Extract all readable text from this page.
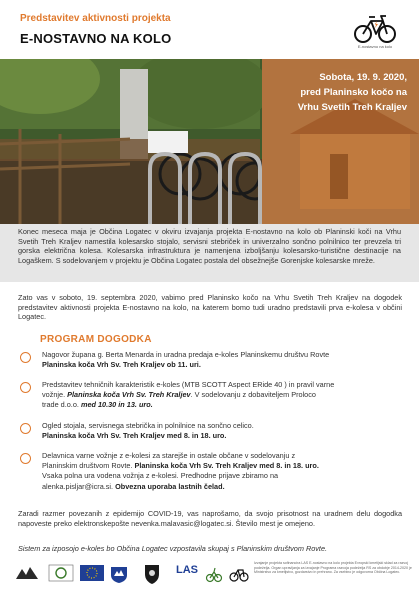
Predstavitev aktivnosti projekta
E-NOSTAVNO NA KOLO
E-nostavno na kolo
Sobota, 19. 9. 2020,
pred Planinsko kočo na
Vrhu Svetih Treh Kraljev

Konec meseca maja je Občina Logatec v okviru izvajanja projekta E-nostavno na kolo ob Planinski koči na Vrhu Svetih Treh Kraljev namestila kolesarsko stojalo, servisni stebriček in univerzalno sončno polnilnico ter prevzela tri gorska električna kolesa. Kolesarska infrastruktura je namenjena izboljšanju kolesarsko-turistične destinacije na Logaškem. S sodelovanjem v projektu je Občina Logatec postala del obsežnejše Gorenjske kolesarske mreže.

Zato vas v soboto, 19. septembra 2020, vabimo pred Planinsko kočo na Vrhu Svetih Treh Kraljev na dogodek predstavitev aktivnosti projekta E-nostavno na kolo, na katerem bomo tudi uradno predstavili prva e-kolesa v občini Logatec.
PROGRAM DOGODKA
Nagovor župana g. Berta Menarda in uradna predaja e-koles Planinskemu društvu Rovte
Planinska koča Vrh Sv. Treh Kraljev ob 11. uri.
Predstavitev tehničnih karakteristik e-koles (MTB SCOTT Aspect ERide 40 ) in pravil varne
vožnje. Planinska koča Vrh Sv. Treh Kraljev. V sodelovanju z dobaviteljem Proloco
trade d.o.o. med 10.30 in 13. uro.
Ogled stojala, servisnega stebrička in polnilnice na sončno celico.
Planinska koča Vrh Sv. Treh Kraljev med 8. in 18. uro.
Delavnica varne vožnje z e-kolesi za starejše in ostale občane v sodelovanju z
Planinskim društvom Rovte. Planinska koča Vrh Sv. Treh Kraljev med 8. in 18. uro.
Vsaka polna ura vodena vožnja z e-kolesi. Predhodne prijave zbiramo na
alenka.pisljar@icra.si. Obvezna uporaba lastnih čelad.
Zaradi razmer povezanih z epidemijo COVID-19, vas naprošamo, da svojo prisotnost na uradnem delu dogodka napoveste preko elektronskepošte nevenka.malavasic@logatec.si. Število mest je omejeno.
Sistem za izposojo e-koles bo Občina Logatec vzpostavila skupaj s Planinskim društvom Rovte.
LAS
Izvajanje projekta sofinancira LAS E-nostavno na kolo projekta Evropski kmetijski sklad za razvoj podeželja. Organ upravljanja za izvajanje Programa razvoja podeželja RS za obdobje 2014-2020 je Ministrstvo za kmetijstvo, gozdarstvo in prehrano. Za vsebino je odgovorna Občina Logatec.
